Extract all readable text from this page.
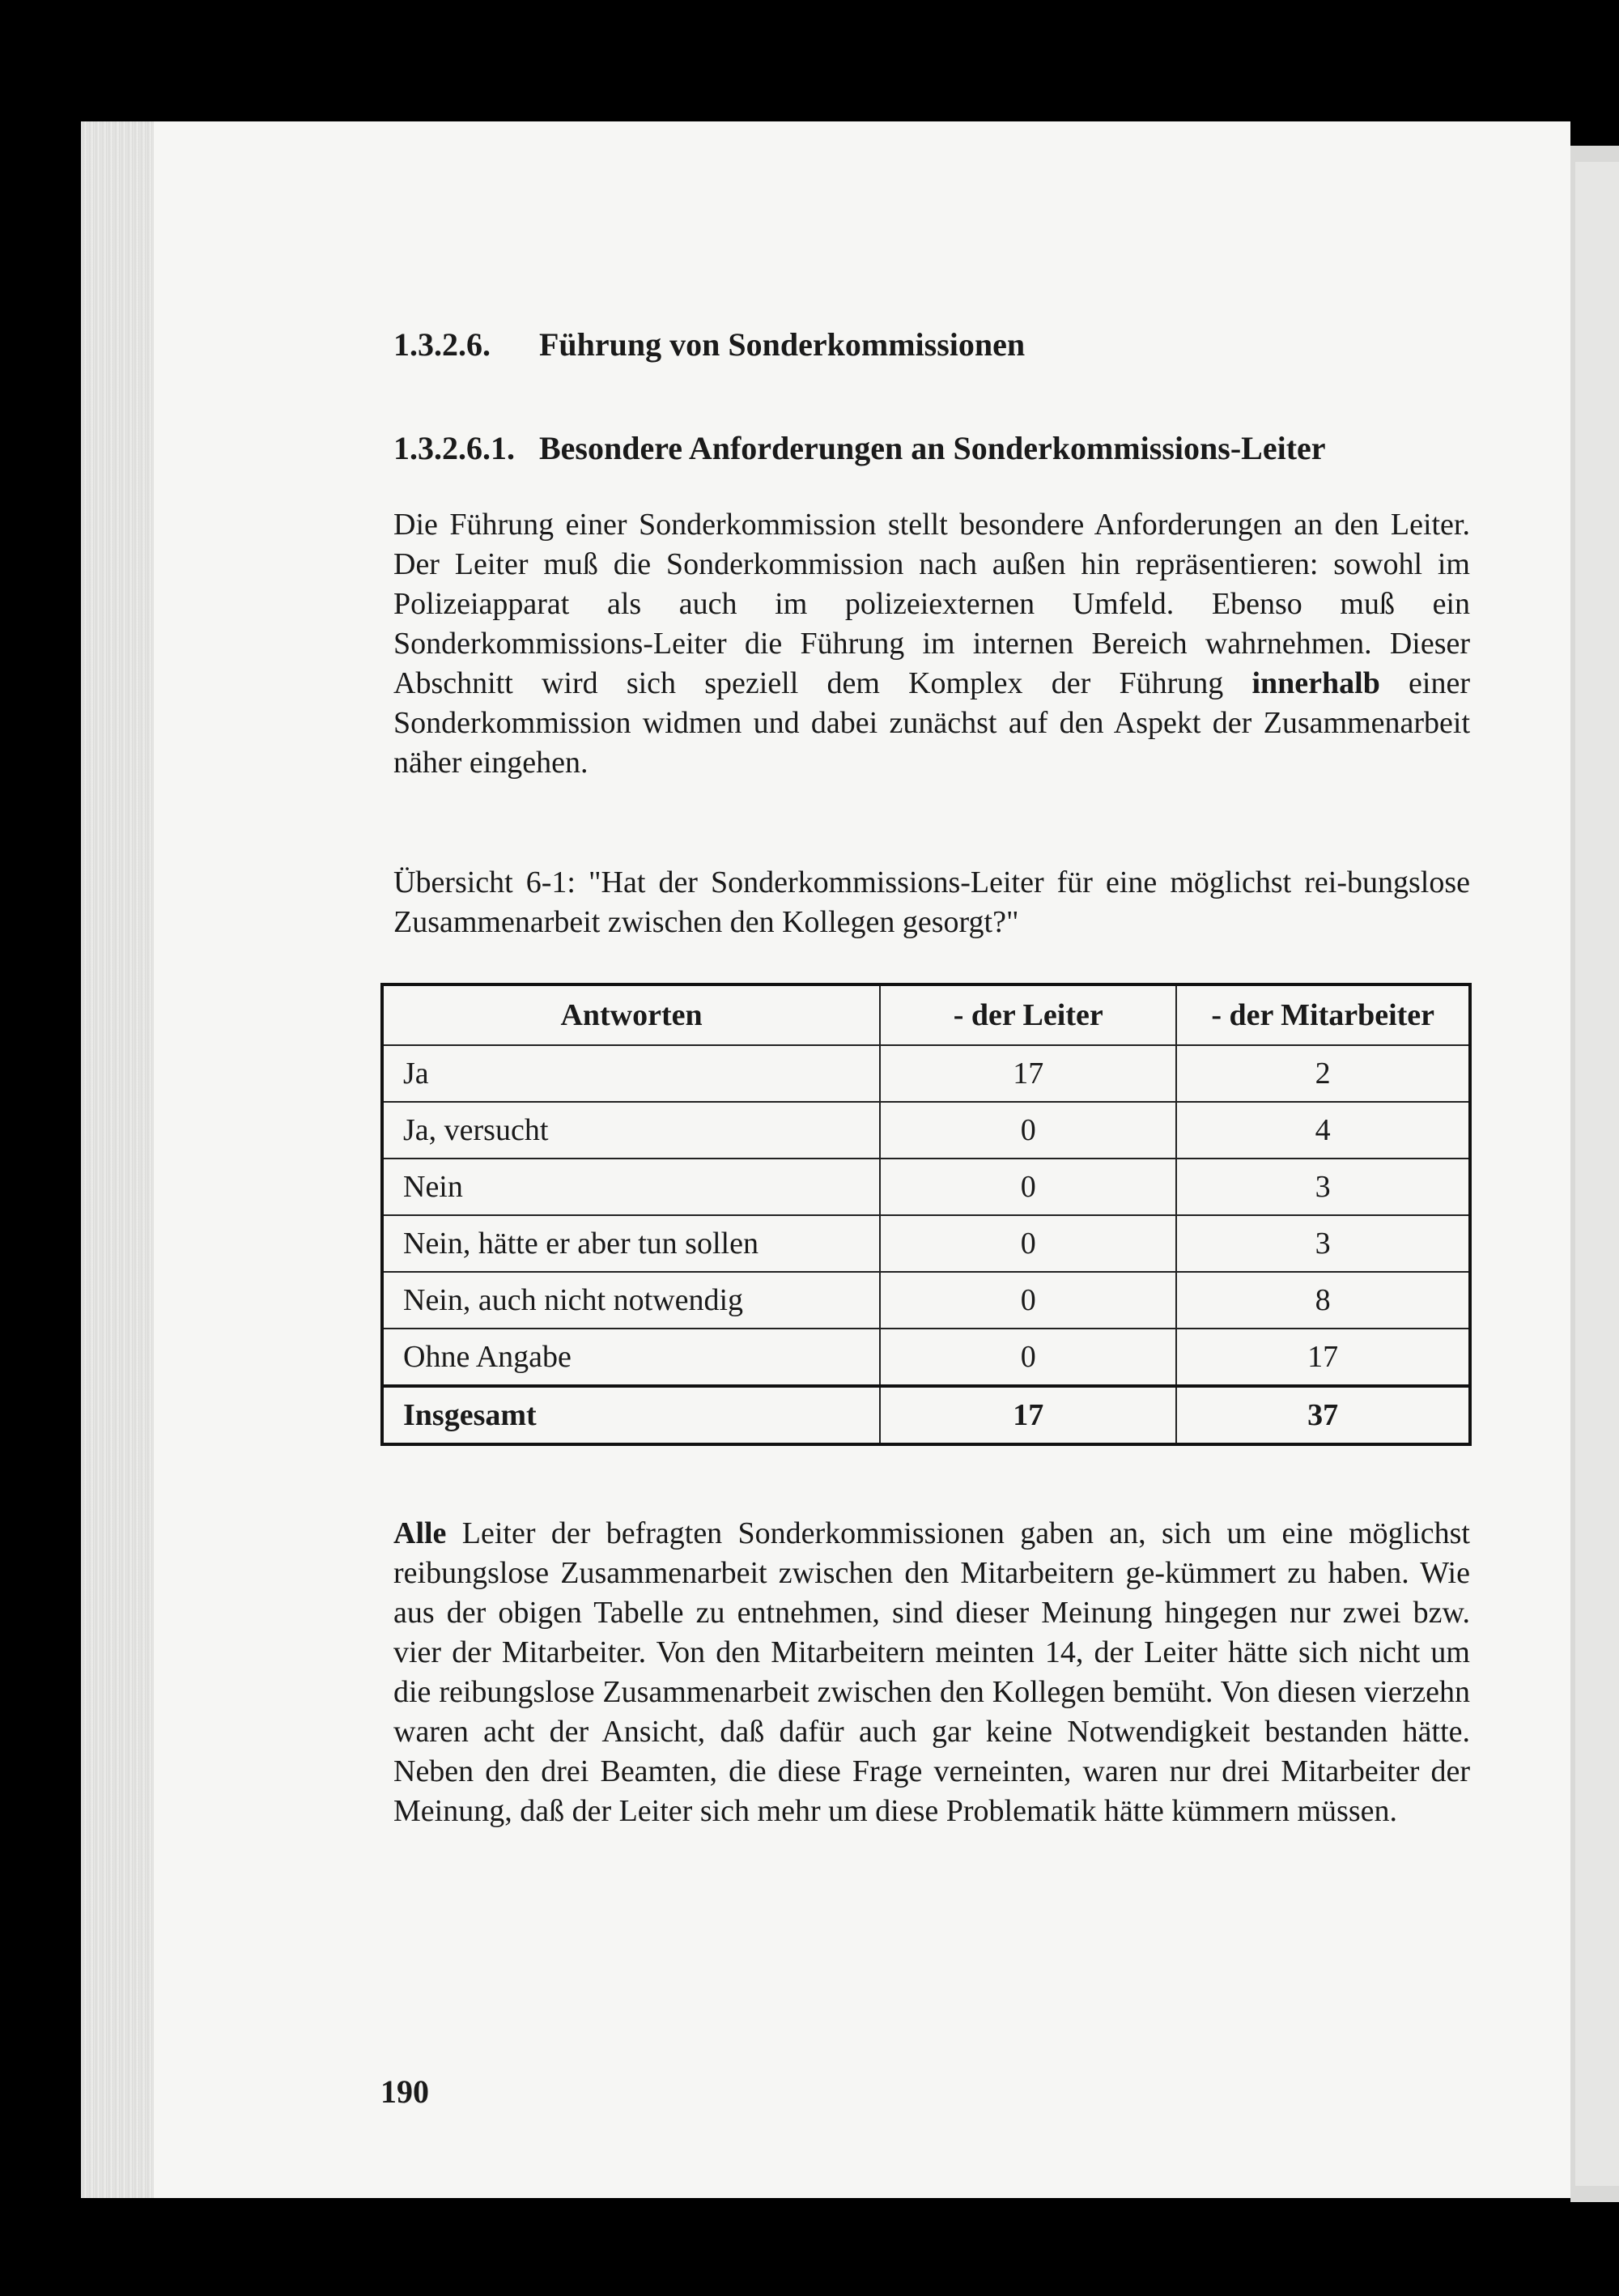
1.3.2.6. Führung von Sonderkommissionen
1.3.2.6.1. Besondere Anforderungen an Sonderkommissions-Leiter

Die Führung einer Sonderkommission stellt besondere Anforderungen an den Leiter. Der Leiter muß die Sonderkommission nach außen hin repräsentieren: sowohl im Polizeiapparat als auch im polizeiexternen Umfeld. Ebenso muß ein Sonderkommissions-Leiter die Führung im internen Bereich wahrnehmen. Dieser Abschnitt wird sich speziell dem Komplex der Führung innerhalb einer Sonderkommission widmen und dabei zunächst auf den Aspekt der Zusammenarbeit näher eingehen.

Übersicht 6-1: "Hat der Sonderkommissions-Leiter für eine möglichst rei-bungslose Zusammenarbeit zwischen den Kollegen gesorgt?"

Antworten	- der Leiter	- der Mitarbeiter
Ja	17	2
Ja, versucht	0	4
Nein	0	3
Nein, hätte er aber tun sollen	0	3
Nein, auch nicht notwendig	0	8
Ohne Angabe	0	17
Insgesamt	17	37

Alle Leiter der befragten Sonderkommissionen gaben an, sich um eine möglichst reibungslose Zusammenarbeit zwischen den Mitarbeitern ge-kümmert zu haben. Wie aus der obigen Tabelle zu entnehmen, sind dieser Meinung hingegen nur zwei bzw. vier der Mitarbeiter. Von den Mitarbeitern meinten 14, der Leiter hätte sich nicht um die reibungslose Zusammenarbeit zwischen den Kollegen bemüht. Von diesen vierzehn waren acht der Ansicht, daß dafür auch gar keine Notwendigkeit bestanden hätte. Neben den drei Beamten, die diese Frage verneinten, waren nur drei Mitarbeiter der Meinung, daß der Leiter sich mehr um diese Problematik hätte kümmern müssen.

190
